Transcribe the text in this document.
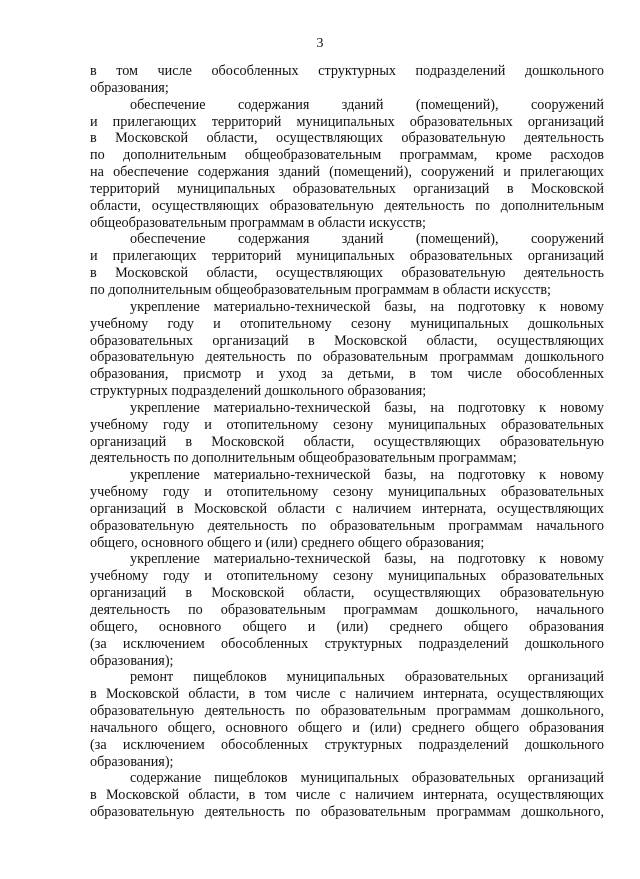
3
в том числе обособленных структурных подразделений дошкольного
образования;
обеспечение содержания зданий (помещений), сооружений
и прилегающих территорий муниципальных образовательных организаций
в Московской области, осуществляющих образовательную деятельность
по дополнительным общеобразовательным программам, кроме расходов
на обеспечение содержания зданий (помещений), сооружений и прилегающих
территорий муниципальных образовательных организаций в Московской
области, осуществляющих образовательную деятельность по дополнительным
общеобразовательным программам в области искусств;
обеспечение содержания зданий (помещений), сооружений
и прилегающих территорий муниципальных образовательных организаций
в Московской области, осуществляющих образовательную деятельность
по дополнительным общеобразовательным программам в области искусств;
укрепление материально-технической базы, на подготовку к новому
учебному году и отопительному сезону муниципальных дошкольных
образовательных организаций в Московской области, осуществляющих
образовательную деятельность по образовательным программам дошкольного
образования, присмотр и уход за детьми, в том числе обособленных
структурных подразделений дошкольного образования;
укрепление материально-технической базы, на подготовку к новому
учебному году и отопительному сезону муниципальных образовательных
организаций в Московской области, осуществляющих образовательную
деятельность по дополнительным общеобразовательным программам;
укрепление материально-технической базы, на подготовку к новому
учебному году и отопительному сезону муниципальных образовательных
организаций в Московской области с наличием интерната, осуществляющих
образовательную деятельность по образовательным программам начального
общего, основного общего и (или) среднего общего образования;
укрепление материально-технической базы, на подготовку к новому
учебному году и отопительному сезону муниципальных образовательных
организаций в Московской области, осуществляющих образовательную
деятельность по образовательным программам дошкольного, начального
общего, основного общего и (или) среднего общего образования
(за исключением обособленных структурных подразделений дошкольного
образования);
ремонт пищеблоков муниципальных образовательных организаций
в Московской области, в том числе с наличием интерната, осуществляющих
образовательную деятельность по образовательным программам дошкольного,
начального общего, основного общего и (или) среднего общего образования
(за исключением обособленных структурных подразделений дошкольного
образования);
содержание пищеблоков муниципальных образовательных организаций
в Московской области, в том числе с наличием интерната, осуществляющих
образовательную деятельность по образовательным программам дошкольного,
